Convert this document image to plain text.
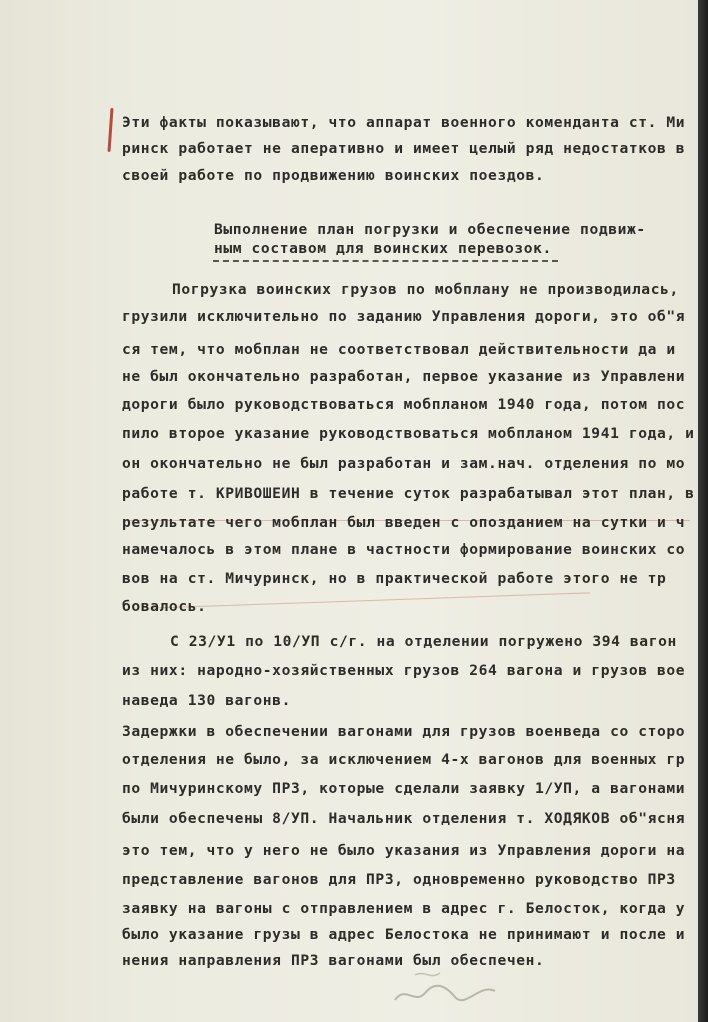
Эти факты показывают, что аппарат военного коменданта ст. Ми
ринск работает не аперативно и имеет целый ряд недостатков в
своей работе по продвижению воинских поездов.
Выполнение план погрузки и обеспечение подвиж-
ным составом для воинских перевозок.
Погрузка воинских грузов по мобплану не производилась,
грузили исключительно по заданию Управления дороги, это об"я
ся тем, что мобплан не соответствовал действительности да и
не был окончательно разработан, первое указание из Управлени
дороги было руководствоваться мобпланом 1940 года, потом пос
пило второе указание руководствоваться мобпланом 1941 года, и
он окончательно не был разработан и зам.нач. отделения по мо
работе т. КРИВОШЕИН в течение суток разрабатывал этот план, в
результате чего мобплан был введен с опозданием на сутки и ч
намечалось в этом плане в частности формирование воинских со
вов на ст. Мичуринск, но в практической работе этого не тр
бовалось.
С 23/У1 по 10/УП с/г. на отделении погружено 394 вагон
из них: народно-хозяйственных грузов 264 вагона и грузов вое
наведа 130 вагонв.
Задержки в обеспечении вагонами для грузов военведа со сторо
отделения не было, за исключением 4-х вагонов для военных гр
по Мичуринскому ПРЗ, которые сделали заявку 1/УП, а вагонами
были обеспечены 8/УП. Начальник отделения т. ХОДЯКОВ об"ясня
это тем, что у него не было указания из Управления дороги на
представление вагонов для ПРЗ, одновременно руководство ПРЗ
заявку на вагоны с отправлением в адрес г. Белосток, когда у
было указание грузы в адрес Белостока не принимают и после и
нения направления ПРЗ вагонами был обеспечен.
